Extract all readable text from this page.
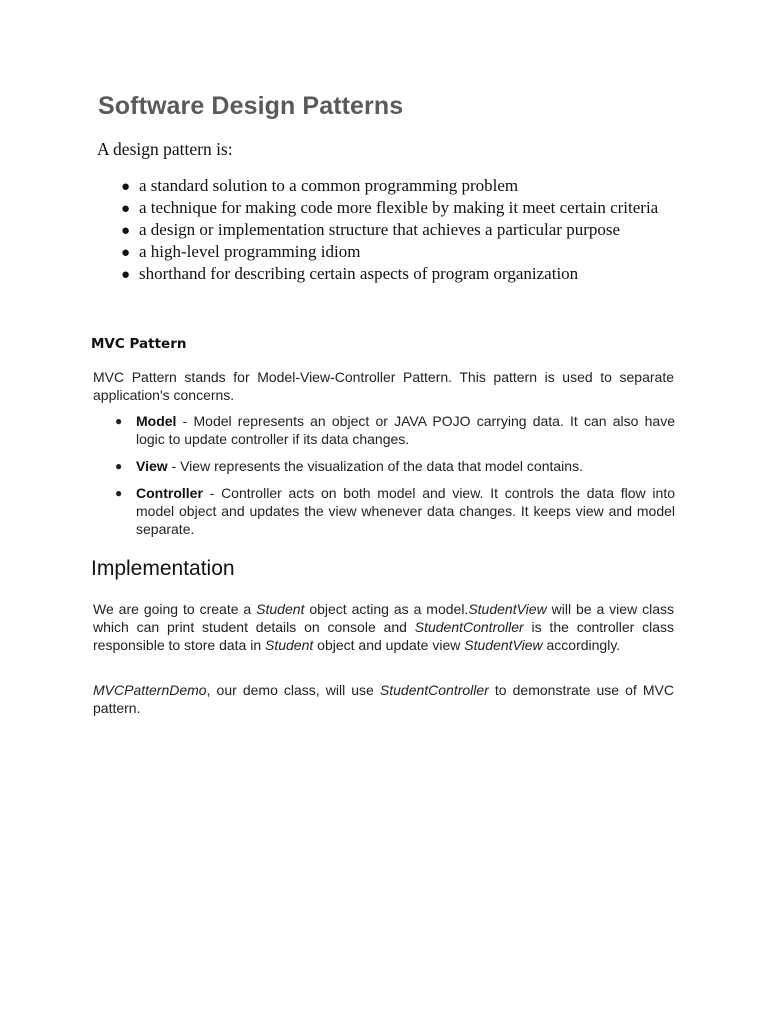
Software Design Patterns
A design pattern is:
● a standard solution to a common programming problem
● a technique for making code more flexible by making it meet certain criteria
● a design or implementation structure that achieves a particular purpose
● a high-level programming idiom
● shorthand for describing certain aspects of program organization
MVC Pattern
MVC Pattern stands for Model-View-Controller Pattern. This pattern is used to separate application's concerns.
● Model - Model represents an object or JAVA POJO carrying data. It can also have logic to update controller if its data changes.
● View - View represents the visualization of the data that model contains.
● Controller - Controller acts on both model and view. It controls the data flow into model object and updates the view whenever data changes. It keeps view and model separate.
Implementation
We are going to create a Student object acting as a model.StudentView will be a view class which can print student details on console and StudentController is the controller class responsible to store data in Student object and update view StudentView accordingly.
MVCPatternDemo, our demo class, will use StudentController to demonstrate use of MVC pattern.
